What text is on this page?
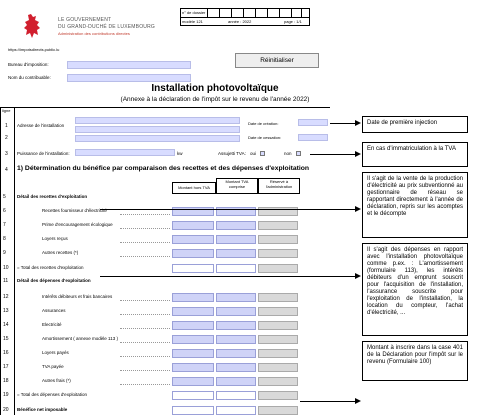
LE GOUVERNEMENT
DU GRAND-DUCHÉ DE LUXEMBOURG
Administration des contributions directes
n° de dossier
modèle 121	année : 2022	page : 1/1
https://impotsdirects.public.lu
Réinitialiser
Bureau d'imposition:
Nom du contribuable:
Installation photovoltaïque
(Annexe à la déclaration de l'impôt sur le revenu de l'année 2022)
ligne
1 Adresse de l'installation	Date de création:
2	Date de cessation:
3 Puissance de l'installation:	kw	Assujetti TVA: oui	non
4 1) Détermination du bénéfice par comparaison des recettes et des dépenses d'exploitation
Montant hors TVA
Montant TVA comprise
Réservé à l'administration
5 Détail des recettes d'exploitation
6	Recettes fournisseur d'électricité
7	Prime d'encouragement écologique
8	Loyers reçus
9	Autres recettes (*)
10 = Total des recettes d'exploitation
11 Détail des dépenses d'exploitation
12	Intérêts débiteurs et frais bancaires
13	Assurances
14	Electricité
15	Amortissement ( annexe modèle 113 )
16	Loyers payés
17	TVA payée
18	Autres frais (*)
19 = Total des dépenses d'exploitation
20 Bénéfice net imposable
Date de première injection
En cas d'immatriculation à la TVA
Il s'agit de la vente de la production d'électricité au prix subventionné au gestionnaire de réseau se rapportant directement à l'année de déclaration, repris sur les acomptes et le décompte
Il s'agit des dépenses en rapport avec l'installation photovoltaïque comme p.ex. : L'amortissement (formulaire 113), les intérêts débiteurs d'un emprunt souscrit pour l'acquisition de l'installation, l'assurance souscrite pour l'exploitation de l'installation, la location du compteur, l'achat d'électricité, ...
Montant à inscrire dans la case 401 de la Déclaration pour l'impôt sur le revenu (Formulaire 100)
